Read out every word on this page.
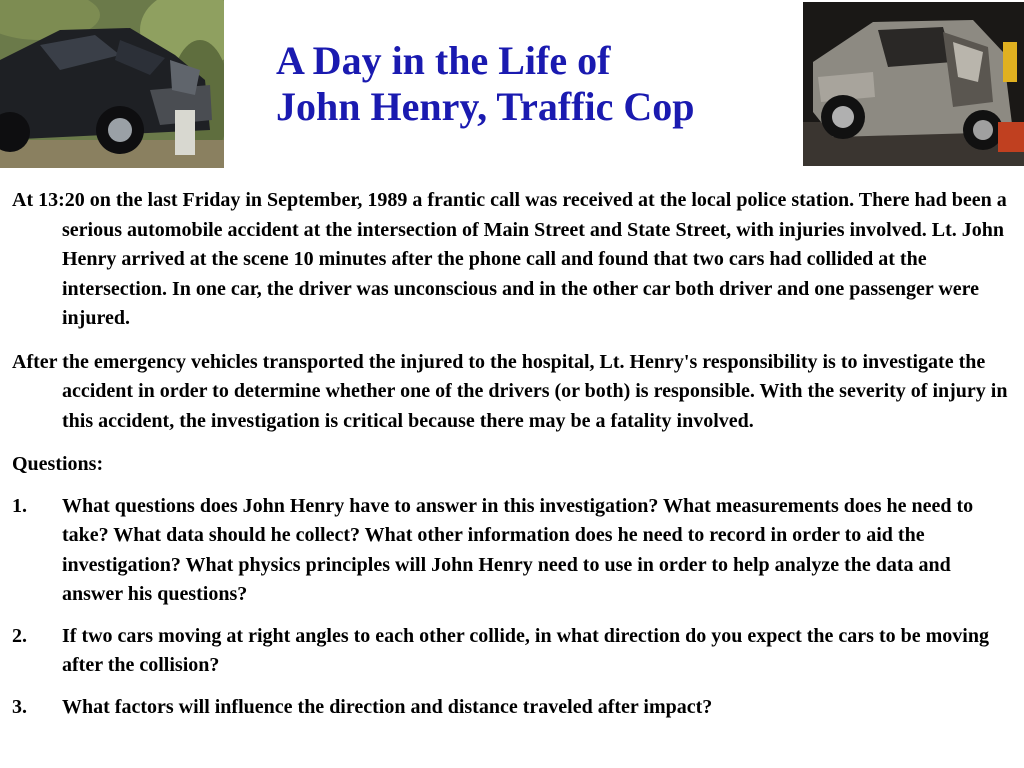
A Day in the Life of
John Henry, Traffic Cop

At 13:20 on the last Friday in September, 1989 a frantic call was received at the local police station. There had been a serious automobile accident at the intersection of Main Street and State Street, with injuries involved. Lt. John Henry arrived at the scene 10 minutes after the phone call and found that two cars had collided at the intersection. In one car, the driver was unconscious and in the other car both driver and one passenger were injured.

After the emergency vehicles transported the injured to the hospital, Lt. Henry's responsibility is to investigate the accident in order to determine whether one of the drivers (or both) is responsible. With the severity of injury in this accident, the investigation is critical because there may be a fatality involved.

Questions:

1.	What questions does John Henry have to answer in this investigation? What measurements does he need to take? What data should he collect? What other information does he need to record in order to aid the investigation? What physics principles will John Henry need to use in order to help analyze the data and answer his questions?
2.	If two cars moving at right angles to each other collide, in what direction do you expect the cars to be moving after the collision?
3.	What factors will influence the direction and distance traveled after impact?
